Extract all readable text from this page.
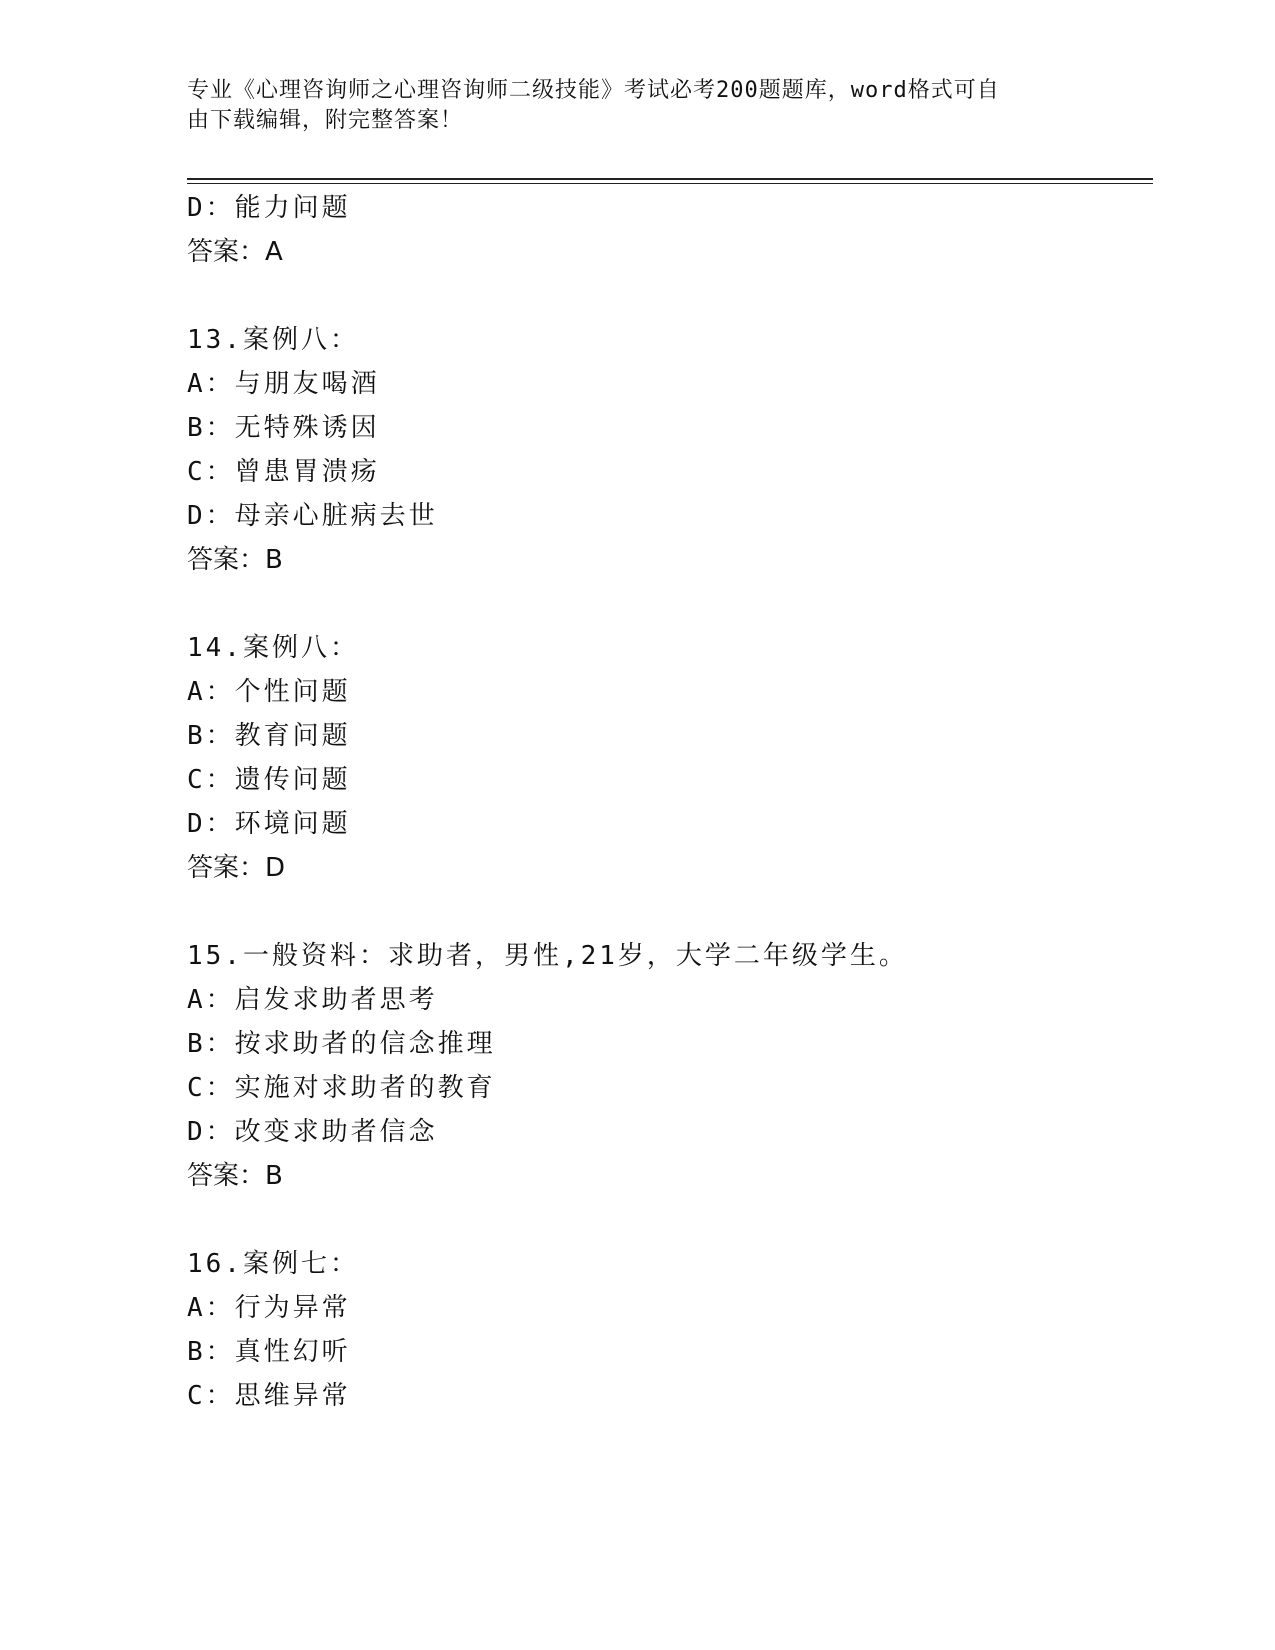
专业《心理咨询师之心理咨询师二级技能》考试必考200题题库，word格式可自
由下载编辑，附完整答案！
D：能力问题
答案：A
13.案例八：
A：与朋友喝酒
B：无特殊诱因
C：曾患胃溃疡
D：母亲心脏病去世
答案：B
14.案例八：
A：个性问题
B：教育问题
C：遗传问题
D：环境问题
答案：D
15.一般资料：求助者，男性,21岁，大学二年级学生。
A：启发求助者思考
B：按求助者的信念推理
C：实施对求助者的教育
D：改变求助者信念
答案：B
16.案例七：
A：行为异常
B：真性幻听
C：思维异常
